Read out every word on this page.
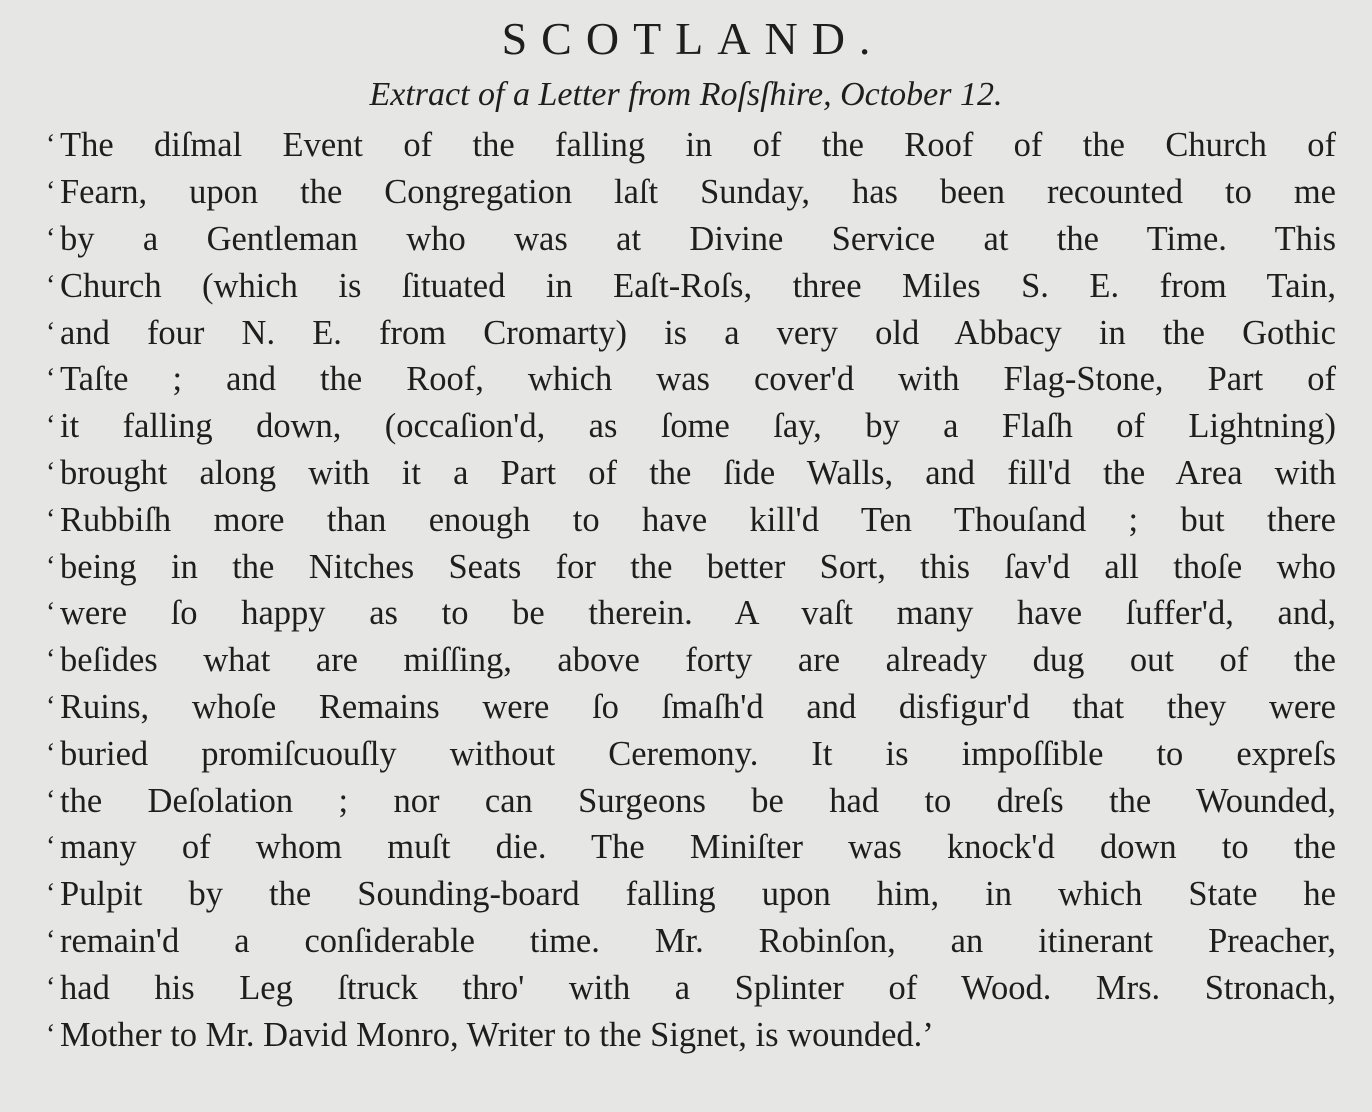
SCOTLAND.
Extract of a Letter from Roſsſhire, October 12.
‘ The diſmal Event of the falling in of the Roof of the Church of
‘ Fearn, upon the Congregation laſt Sunday, has been recounted to me
‘ by a Gentleman who was at Divine Service at the Time. This
‘ Church (which is ſituated in Eaſt-Roſs, three Miles S. E. from Tain,
‘ and four N. E. from Cromarty) is a very old Abbacy in the Gothic
‘ Taſte ; and the Roof, which was cover'd with Flag-Stone, Part of
‘ it falling down, (occaſion'd, as ſome ſay, by a Flaſh of Lightning)
‘ brought along with it a Part of the ſide Walls, and fill'd the Area with
‘ Rubbiſh more than enough to have kill'd Ten Thouſand ; but there
‘ being in the Nitches Seats for the better Sort, this ſav'd all thoſe who
‘ were ſo happy as to be therein. A vaſt many have ſuffer'd, and,
‘ beſides what are miſſing, above forty are already dug out of the
‘ Ruins, whoſe Remains were ſo ſmaſh'd and disfigur'd that they were
‘ buried promiſcuouſly without Ceremony. It is impoſſible to expreſs
‘ the Deſolation ; nor can Surgeons be had to dreſs the Wounded,
‘ many of whom muſt die. The Miniſter was knock'd down to the
‘ Pulpit by the Sounding-board falling upon him, in which State he
‘ remain'd a conſiderable time. Mr. Robinſon, an itinerant Preacher,
‘ had his Leg ſtruck thro' with a Splinter of Wood. Mrs. Stronach,
‘ Mother to Mr. David Monro, Writer to the Signet, is wounded.’
